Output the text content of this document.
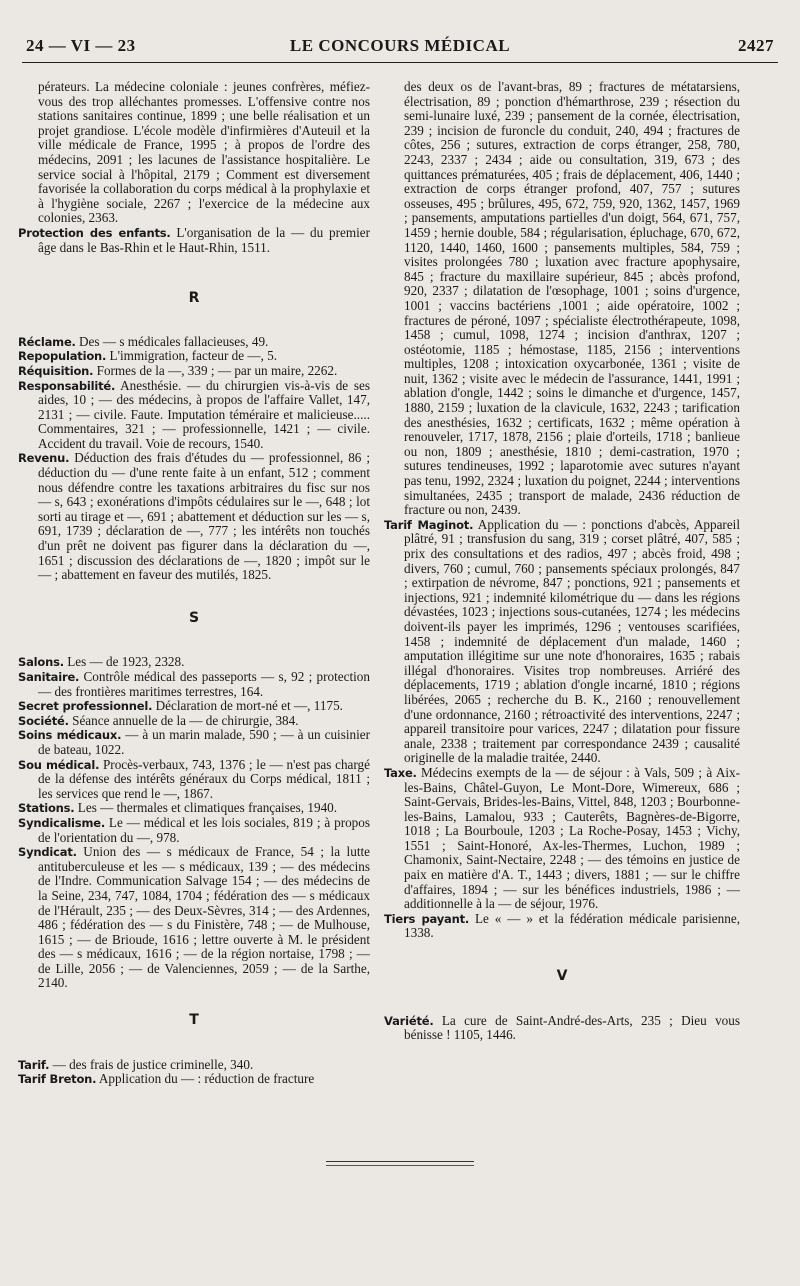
24 — VI — 23	LE CONCOURS MÉDICAL	2427

pérateurs. La médecine coloniale : jeunes confrères, méfiez-vous des trop alléchantes promesses. L'offensive contre nos stations sanitaires continue, 1899 ; une belle réalisation et un projet grandiose. L'école modèle d'infirmières d'Auteuil et la ville médicale de France, 1995 ; à propos de l'ordre des médecins, 2091 ; les lacunes de l'assistance hospitalière. Le service social à l'hôpital, 2179 ; Comment est diversement favorisée la collaboration du corps médical à la prophylaxie et à l'hygiène sociale, 2267 ; l'exercice de la médecine aux colonies, 2363.

Protection des enfants. L'organisation de la — du premier âge dans le Bas-Rhin et le Haut-Rhin, 1511.

R

Réclame. Des — s médicales fallacieuses, 49.

Repopulation. L'immigration, facteur de —, 5.

Réquisition. Formes de la —, 339 ; — par un maire, 2262.

Responsabilité. Anesthésie. — du chirurgien vis-à-vis de ses aides, 10 ; — des médecins, à propos de l'affaire Vallet, 147, 2131 ; — civile. Faute. Imputation téméraire et malicieuse..... Commentaires, 321 ; — professionnelle, 1421 ; — civile. Accident du travail. Voie de recours, 1540.

Revenu. Déduction des frais d'études du — professionnel, 86 ; déduction du — d'une rente faite à un enfant, 512 ; comment nous défendre contre les taxations arbitraires du fisc sur nos — s, 643 ; exonérations d'impôts cédulaires sur le —, 648 ; lot sorti au tirage et —, 691 ; abattement et déduction sur les — s, 691, 1739 ; déclaration de —, 777 ; les intérêts non touchés d'un prêt ne doivent pas figurer dans la déclaration du —, 1651 ; discussion des déclarations de —, 1820 ; impôt sur le — ; abattement en faveur des mutilés, 1825.

S

Salons. Les — de 1923, 2328.

Sanitaire. Contrôle médical des passeports — s, 92 ; protection — des frontières maritimes terrestres, 164.

Secret professionnel. Déclaration de mort-né et —, 1175.

Société. Séance annuelle de la — de chirurgie, 384.

Soins médicaux. — à un marin malade, 590 ; — à un cuisinier de bateau, 1022.

Sou médical. Procès-verbaux, 743, 1376 ; le — n'est pas chargé de la défense des intérêts généraux du Corps médical, 1811 ; les services que rend le —, 1867.

Stations. Les — thermales et climatiques françaises, 1940.

Syndicalisme. Le — médical et les lois sociales, 819 ; à propos de l'orientation du —, 978.

Syndicat. Union des — s médicaux de France, 54 ; la lutte antituberculeuse et les — s médicaux, 139 ; — des médecins de l'Indre. Communication Salvage 154 ; — des médecins de la Seine, 234, 747, 1084, 1704 ; fédération des — s médicaux de l'Hérault, 235 ; — des Deux-Sèvres, 314 ; — des Ardennes, 486 ; fédération des — s du Finistère, 748 ; — de Mulhouse, 1615 ; — de Brioude, 1616 ; lettre ouverte à M. le président des — s médicaux, 1616 ; — de la région nortaise, 1798 ; — de Lille, 2056 ; — de Valenciennes, 2059 ; — de la Sarthe, 2140.

T

Tarif. — des frais de justice criminelle, 340.

Tarif Breton. Application du — : réduction de fracture

des deux os de l'avant-bras, 89 ; fractures de métatarsiens, électrisation, 89 ; ponction d'hémarthrose, 239 ; résection du semi-lunaire luxé, 239 ; pansement de la cornée, électrisation, 239 ; incision de furoncle du conduit, 240, 494 ; fractures de côtes, 256 ; sutures, extraction de corps étranger, 258, 780, 2243, 2337 ; 2434 ; aide ou consultation, 319, 673 ; des quittances prématurées, 405 ; frais de déplacement, 406, 1440 ; extraction de corps étranger profond, 407, 757 ; sutures osseuses, 495 ; brûlures, 495, 672, 759, 920, 1362, 1457, 1969 ; pansements, amputations partielles d'un doigt, 564, 671, 757, 1459 ; hernie double, 584 ; régularisation, épluchage, 670, 672, 1120, 1440, 1460, 1600 ; pansements multiples, 584, 759 ; visites prolongées 780 ; luxation avec fracture apophysaire, 845 ; fracture du maxillaire supérieur, 845 ; abcès profond, 920, 2337 ; dilatation de l'œsophage, 1001 ; soins d'urgence, 1001 ; vaccins bactériens ,1001 ; aide opératoire, 1002 ; fractures de péroné, 1097 ; spécialiste électrothérapeute, 1098, 1458 ; cumul, 1098, 1274 ; incision d'anthrax, 1207 ; ostéotomie, 1185 ; hémostase, 1185, 2156 ; interventions multiples, 1208 ; intoxication oxycarbonée, 1361 ; visite de nuit, 1362 ; visite avec le médecin de l'assurance, 1441, 1991 ; ablation d'ongle, 1442 ; soins le dimanche et d'urgence, 1457, 1880, 2159 ; luxation de la clavicule, 1632, 2243 ; tarification des anesthésies, 1632 ; certificats, 1632 ; même opération à renouveler, 1717, 1878, 2156 ; plaie d'orteils, 1718 ; banlieue ou non, 1809 ; anesthésie, 1810 ; demi-castration, 1970 ; sutures tendineuses, 1992 ; laparotomie avec sutures n'ayant pas tenu, 1992, 2324 ; luxation du poignet, 2244 ; interventions simultanées, 2435 ; transport de malade, 2436 réduction de fracture ou non, 2439.

Tarif Maginot. Application du — : ponctions d'abcès, Appareil plâtré, 91 ; transfusion du sang, 319 ; corset plâtré, 407, 585 ; prix des consultations et des radios, 497 ; abcès froid, 498 ; divers, 760 ; cumul, 760 ; pansements spéciaux prolongés, 847 ; extirpation de névrome, 847 ; ponctions, 921 ; pansements et injections, 921 ; indemnité kilométrique du — dans les régions dévastées, 1023 ; injections sous-cutanées, 1274 ; les médecins doivent-ils payer les imprimés, 1296 ; ventouses scarifiées, 1458 ; indemnité de déplacement d'un malade, 1460 ; amputation illégitime sur une note d'honoraires, 1635 ; rabais illégal d'honoraires. Visites trop nombreuses. Arriéré des déplacements, 1719 ; ablation d'ongle incarné, 1810 ; régions libérées, 2065 ; recherche du B. K., 2160 ; renouvellement d'une ordonnance, 2160 ; rétroactivité des interventions, 2247 ; appareil transitoire pour varices, 2247 ; dilatation pour fissure anale, 2338 ; traitement par correspondance 2439 ; causalité originelle de la maladie traitée, 2440.

Taxe. Médecins exempts de la — de séjour : à Vals, 509 ; à Aix-les-Bains, Châtel-Guyon, Le Mont-Dore, Wimereux, 686 ; Saint-Gervais, Brides-les-Bains, Vittel, 848, 1203 ; Bourbonne-les-Bains, Lamalou, 933 ; Cauterêts, Bagnères-de-Bigorre, 1018 ; La Bourboule, 1203 ; La Roche-Posay, 1453 ; Vichy, 1551 ; Saint-Honoré, Ax-les-Thermes, Luchon, 1989 ; Chamonix, Saint-Nectaire, 2248 ; — des témoins en justice de paix en matière d'A. T., 1443 ; divers, 1881 ; — sur le chiffre d'affaires, 1894 ; — sur les bénéfices industriels, 1986 ; — additionnelle à la — de séjour, 1976.

Tiers payant. Le « — » et la fédération médicale parisienne, 1338.

V

Variété. La cure de Saint-André-des-Arts, 235 ; Dieu vous bénisse ! 1105, 1446.
